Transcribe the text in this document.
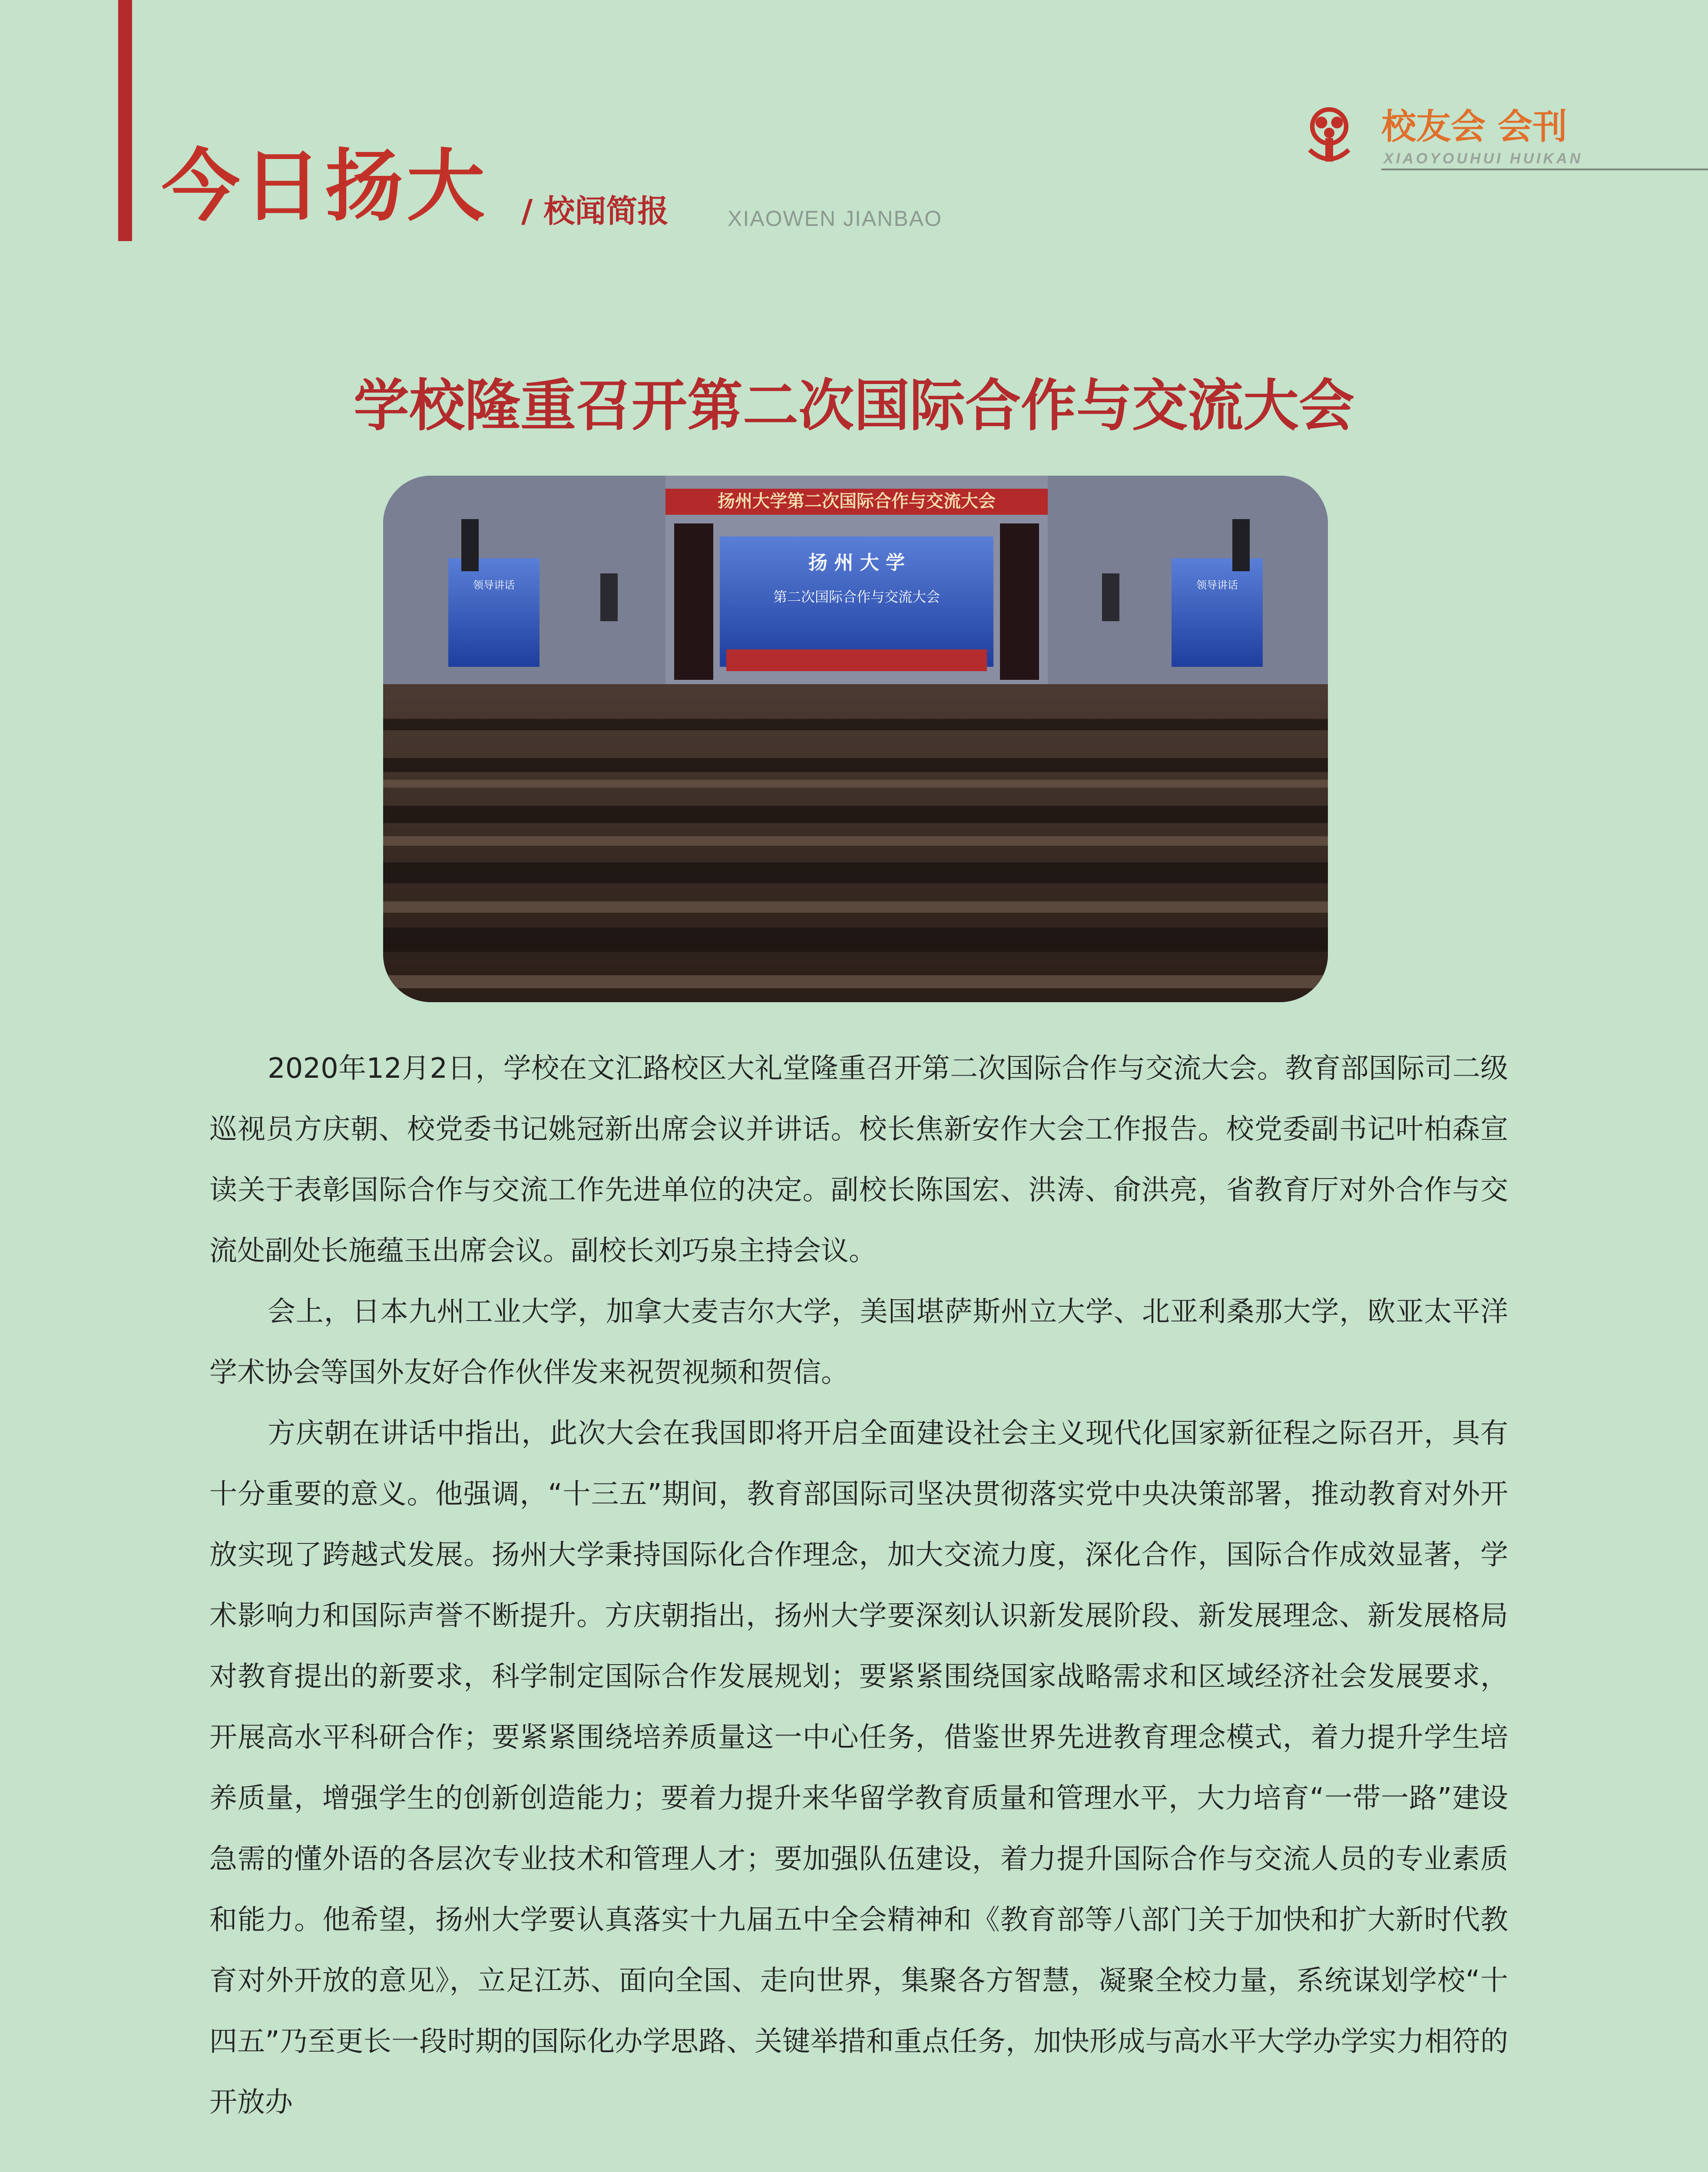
今日扬大 / 校闻简报	XIAOWEN JIANBAO
校友会 会刊
XIAOYOUHUI HUIKAN
学校隆重召开第二次国际合作与交流大会
扬州大学第二次国际合作与交流大会
扬 州 大 学
第二次国际合作与交流大会
领导讲话	领导讲话

2020年12月2日，学校在文汇路校区大礼堂隆重召开第二次国际合作与交流大会。教育部国际司二级巡视员方庆朝、校党委书记姚冠新出席会议并讲话。校长焦新安作大会工作报告。校党委副书记叶柏森宣读关于表彰国际合作与交流工作先进单位的决定。副校长陈国宏、洪涛、俞洪亮，省教育厅对外合作与交流处副处长施蕴玉出席会议。副校长刘巧泉主持会议。

会上，日本九州工业大学，加拿大麦吉尔大学，美国堪萨斯州立大学、北亚利桑那大学，欧亚太平洋学术协会等国外友好合作伙伴发来祝贺视频和贺信。

方庆朝在讲话中指出，此次大会在我国即将开启全面建设社会主义现代化国家新征程之际召开，具有十分重要的意义。他强调，“十三五”期间，教育部国际司坚决贯彻落实党中央决策部署，推动教育对外开放实现了跨越式发展。扬州大学秉持国际化合作理念，加大交流力度，深化合作，国际合作成效显著，学术影响力和国际声誉不断提升。方庆朝指出，扬州大学要深刻认识新发展阶段、新发展理念、新发展格局对教育提出的新要求，科学制定国际合作发展规划；要紧紧围绕国家战略需求和区域经济社会发展要求，开展高水平科研合作；要紧紧围绕培养质量这一中心任务，借鉴世界先进教育理念模式，着力提升学生培养质量，增强学生的创新创造能力；要着力提升来华留学教育质量和管理水平，大力培育“一带一路”建设急需的懂外语的各层次专业技术和管理人才；要加强队伍建设，着力提升国际合作与交流人员的专业素质和能力。他希望，扬州大学要认真落实十九届五中全会精神和《教育部等八部门关于加快和扩大新时代教育对外开放的意见》，立足江苏、面向全国、走向世界，集聚各方智慧，凝聚全校力量，系统谋划学校“十四五”乃至更长一段时期的国际化办学思路、关键举措和重点任务，加快形成与高水平大学办学实力相符的开放办
